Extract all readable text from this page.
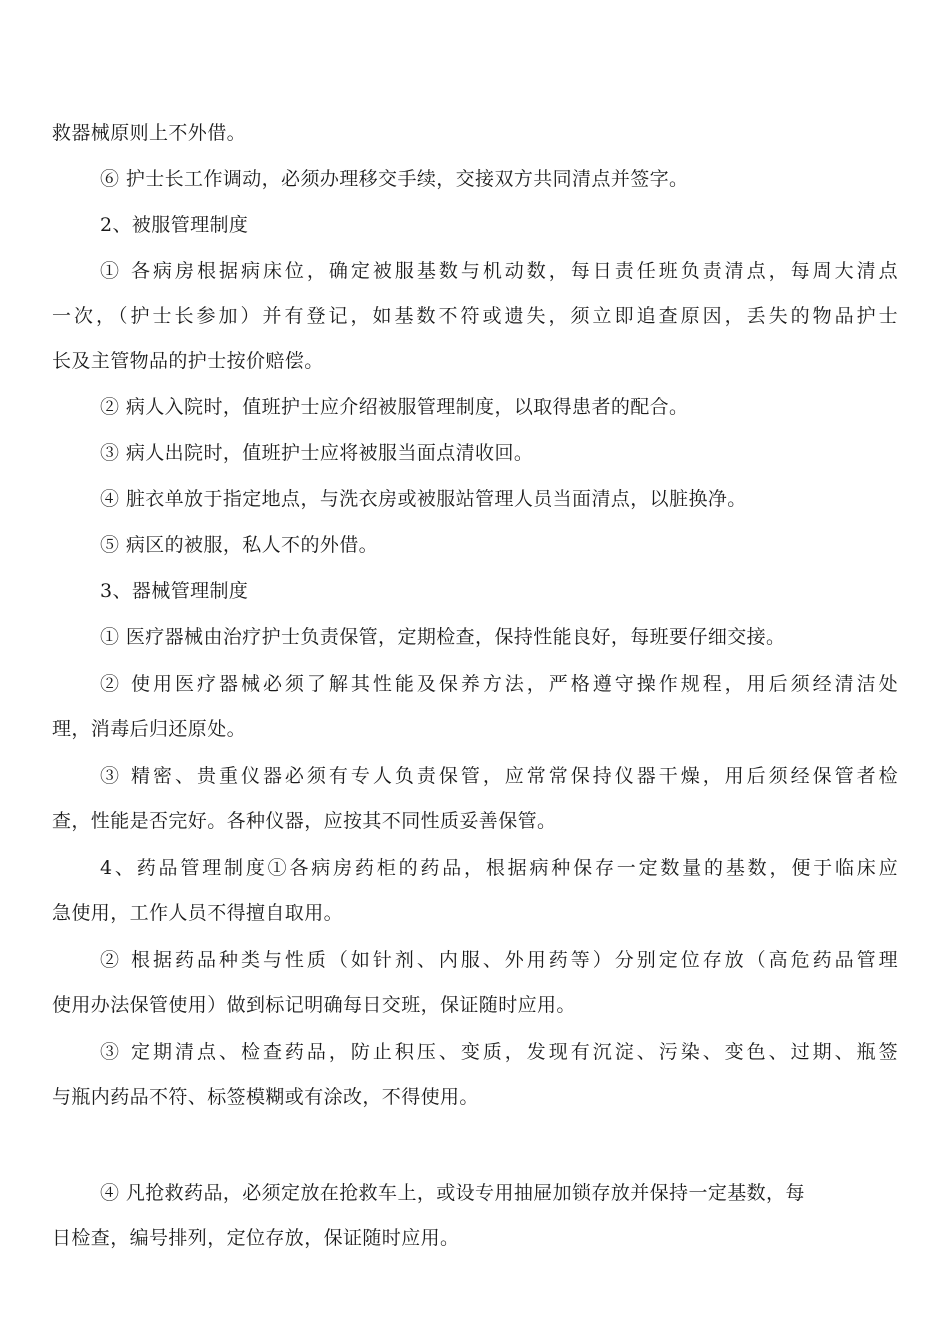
救器械原则上不外借。
⑥ 护士长工作调动，必须办理移交手续，交接双方共同清点并签字。
2、被服管理制度
① 各病房根据病床位，确定被服基数与机动数，每日责任班负责清点，每周大清点
一次，（护士长参加）并有登记，如基数不符或遗失，须立即追查原因，丢失的物品护士
长及主管物品的护士按价赔偿。
② 病人入院时，值班护士应介绍被服管理制度，以取得患者的配合。
③ 病人出院时，值班护士应将被服当面点清收回。
④ 脏衣单放于指定地点，与洗衣房或被服站管理人员当面清点，以脏换净。
⑤ 病区的被服，私人不的外借。
3、器械管理制度
① 医疗器械由治疗护士负责保管，定期检查，保持性能良好，每班要仔细交接。
② 使用医疗器械必须了解其性能及保养方法，严格遵守操作规程，用后须经清洁处
理，消毒后归还原处。
③ 精密、贵重仪器必须有专人负责保管，应常常保持仪器干燥，用后须经保管者检
查，性能是否完好。各种仪器，应按其不同性质妥善保管。
4、药品管理制度①各病房药柜的药品，根据病种保存一定数量的基数，便于临床应
急使用，工作人员不得擅自取用。
② 根据药品种类与性质（如针剂、内服、外用药等）分别定位存放（高危药品管理
使用办法保管使用）做到标记明确每日交班，保证随时应用。
③ 定期清点、检查药品，防止积压、变质，发现有沉淀、污染、变色、过期、瓶签
与瓶内药品不符、标签模糊或有涂改，不得使用。
④ 凡抢救药品，必须定放在抢救车上，或设专用抽屉加锁存放并保持一定基数，每
日检查，编号排列，定位存放，保证随时应用。
